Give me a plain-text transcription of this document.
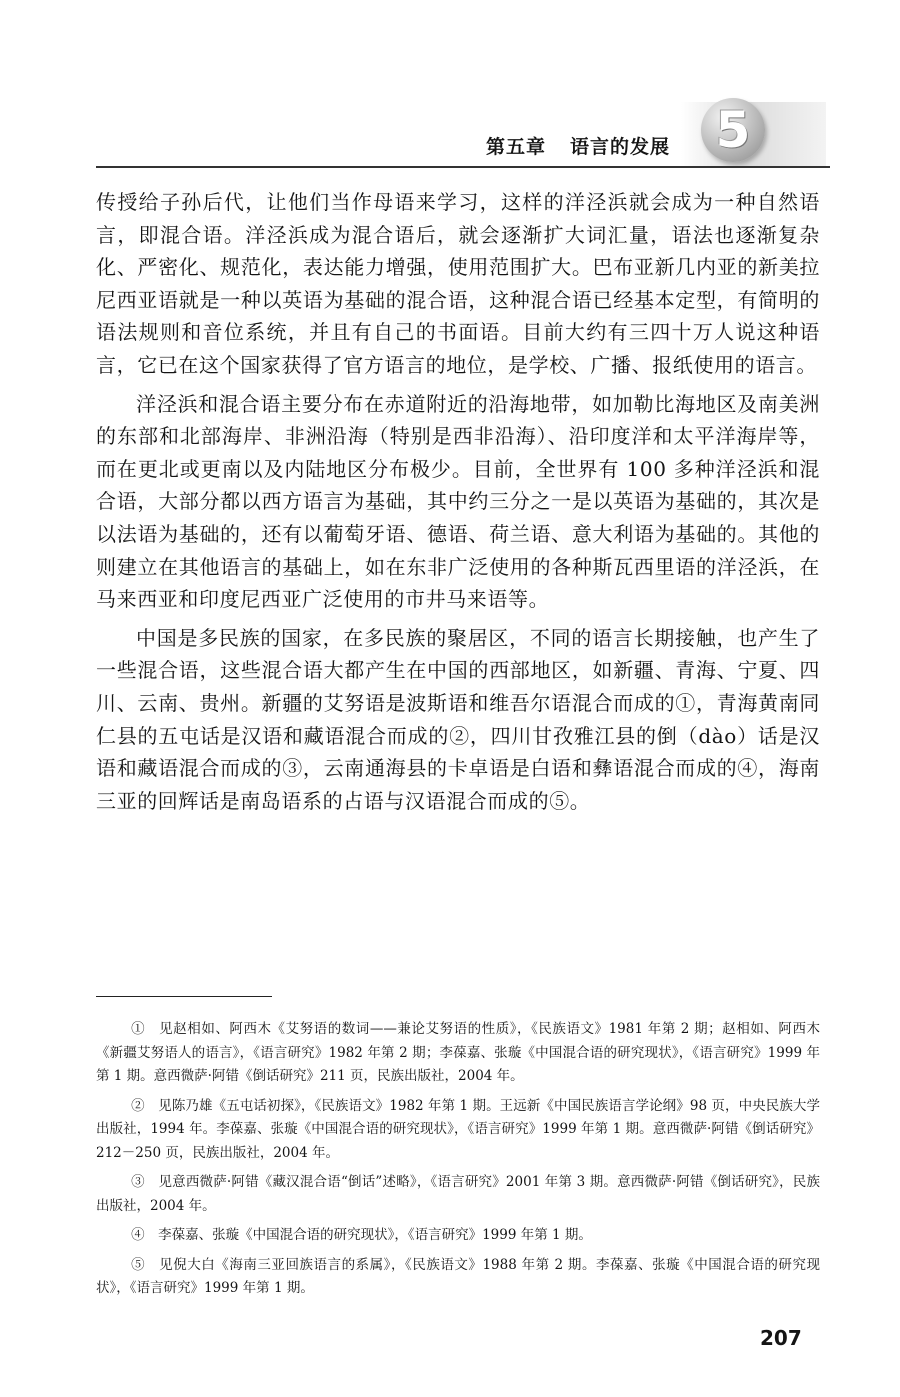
5
第五章 语言的发展

传授给子孙后代，让他们当作母语来学习，这样的洋泾浜就会成为一种自然语言，即混合语。洋泾浜成为混合语后，就会逐渐扩大词汇量，语法也逐渐复杂化、严密化、规范化，表达能力增强，使用范围扩大。巴布亚新几内亚的新美拉尼西亚语就是一种以英语为基础的混合语，这种混合语已经基本定型，有简明的语法规则和音位系统，并且有自己的书面语。目前大约有三四十万人说这种语言，它已在这个国家获得了官方语言的地位，是学校、广播、报纸使用的语言。

洋泾浜和混合语主要分布在赤道附近的沿海地带，如加勒比海地区及南美洲的东部和北部海岸、非洲沿海（特别是西非沿海）、沿印度洋和太平洋海岸等，而在更北或更南以及内陆地区分布极少。目前，全世界有 100 多种洋泾浜和混合语，大部分都以西方语言为基础，其中约三分之一是以英语为基础的，其次是以法语为基础的，还有以葡萄牙语、德语、荷兰语、意大利语为基础的。其他的则建立在其他语言的基础上，如在东非广泛使用的各种斯瓦西里语的洋泾浜，在马来西亚和印度尼西亚广泛使用的市井马来语等。

中国是多民族的国家，在多民族的聚居区，不同的语言长期接触，也产生了一些混合语，这些混合语大都产生在中国的西部地区，如新疆、青海、宁夏、四川、云南、贵州。新疆的艾努语是波斯语和维吾尔语混合而成的①，青海黄南同仁县的五屯话是汉语和藏语混合而成的②，四川甘孜雅江县的倒（dào）话是汉语和藏语混合而成的③，云南通海县的卡卓语是白语和彝语混合而成的④，海南三亚的回辉话是南岛语系的占语与汉语混合而成的⑤。

①　见赵相如、阿西木《艾努语的数词——兼论艾努语的性质》，《民族语文》1981 年第 2 期；赵相如、阿西木《新疆艾努语人的语言》，《语言研究》1982 年第 2 期；李葆嘉、张璇《中国混合语的研究现状》，《语言研究》1999 年第 1 期。意西微萨·阿错《倒话研究》211 页，民族出版社，2004 年。

②　见陈乃雄《五屯话初探》，《民族语文》1982 年第 1 期。王远新《中国民族语言学论纲》98 页，中央民族大学出版社，1994 年。李葆嘉、张璇《中国混合语的研究现状》，《语言研究》1999 年第 1 期。意西微萨·阿错《倒话研究》212－250 页，民族出版社，2004 年。

③　见意西微萨·阿错《藏汉混合语“倒话”述略》，《语言研究》2001 年第 3 期。意西微萨·阿错《倒话研究》，民族出版社，2004 年。

④　李葆嘉、张璇《中国混合语的研究现状》，《语言研究》1999 年第 1 期。

⑤　见倪大白《海南三亚回族语言的系属》，《民族语文》1988 年第 2 期。李葆嘉、张璇《中国混合语的研究现状》，《语言研究》1999 年第 1 期。

207
